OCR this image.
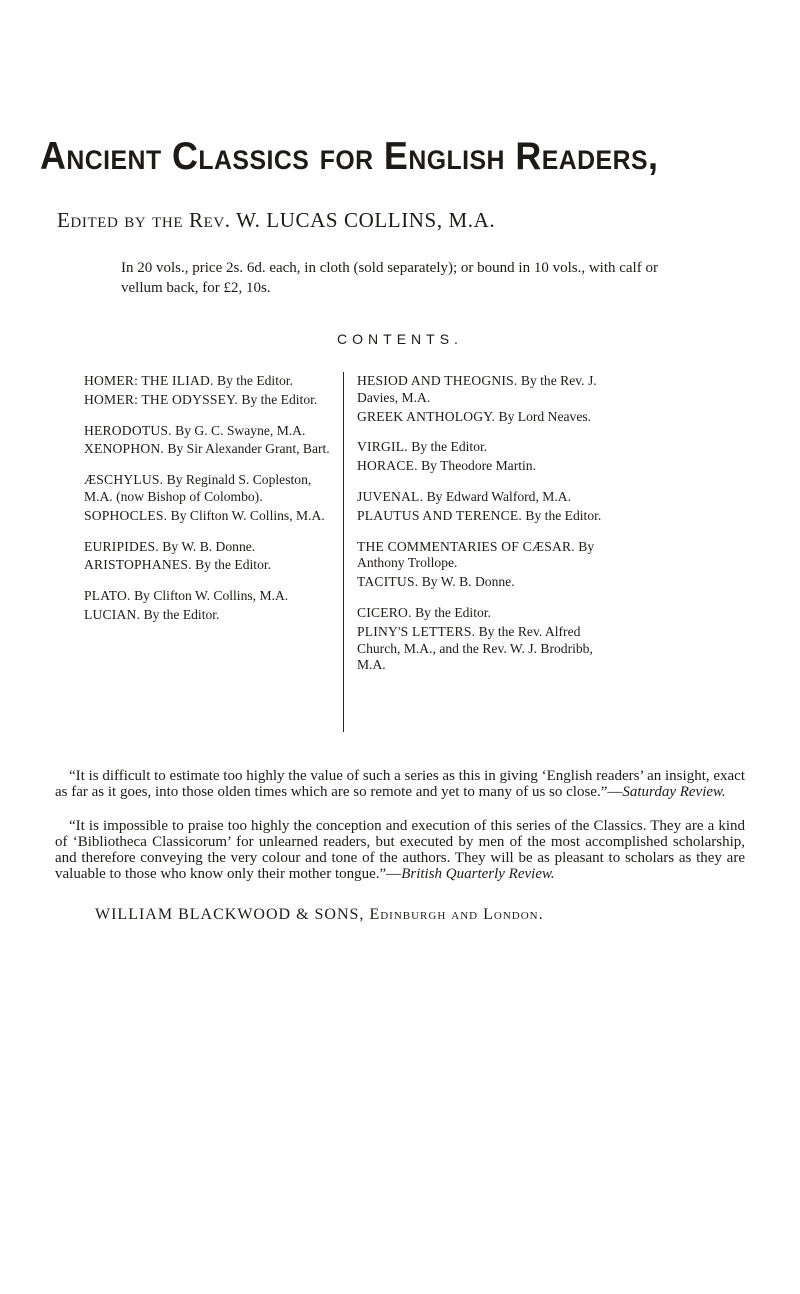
Ancient Classics for English Readers,
Edited by the Rev. W. LUCAS COLLINS, M.A.
In 20 vols., price 2s. 6d. each, in cloth (sold separately); or bound in 10 vols., with calf or vellum back, for £2, 10s.
CONTENTS.

HOMER: THE ILIAD. By the Editor.

HOMER: THE ODYSSEY. By the Editor.

HERODOTUS. By G. C. Swayne, M.A.

XENOPHON. By Sir Alexander Grant, Bart.

ÆSCHYLUS. By Reginald S. Copleston, M.A. (now Bishop of Colombo).

SOPHOCLES. By Clifton W. Collins, M.A.

EURIPIDES. By W. B. Donne.

ARISTOPHANES. By the Editor.

PLATO. By Clifton W. Collins, M.A.

LUCIAN. By the Editor.

HESIOD AND THEOGNIS. By the Rev. J. Davies, M.A.

GREEK ANTHOLOGY. By Lord Neaves.

VIRGIL. By the Editor.

HORACE. By Theodore Martin.

JUVENAL. By Edward Walford, M.A.

PLAUTUS AND TERENCE. By the Editor.

THE COMMENTARIES OF CÆSAR. By Anthony Trollope.

TACITUS. By W. B. Donne.

CICERO. By the Editor.

PLINY'S LETTERS. By the Rev. Alfred Church, M.A., and the Rev. W. J. Brodribb, M.A.

“It is difficult to estimate too highly the value of such a series as this in giving ‘English readers’ an insight, exact as far as it goes, into those olden times which are so remote and yet to many of us so close.”—Saturday Review.

“It is impossible to praise too highly the conception and execution of this series of the Classics. They are a kind of ‘Bibliotheca Classicorum’ for unlearned readers, but executed by men of the most accomplished scholarship, and therefore conveying the very colour and tone of the authors. They will be as pleasant to scholars as they are valuable to those who know only their mother tongue.”—British Quarterly Review.

WILLIAM BLACKWOOD & SONS, Edinburgh and London.
